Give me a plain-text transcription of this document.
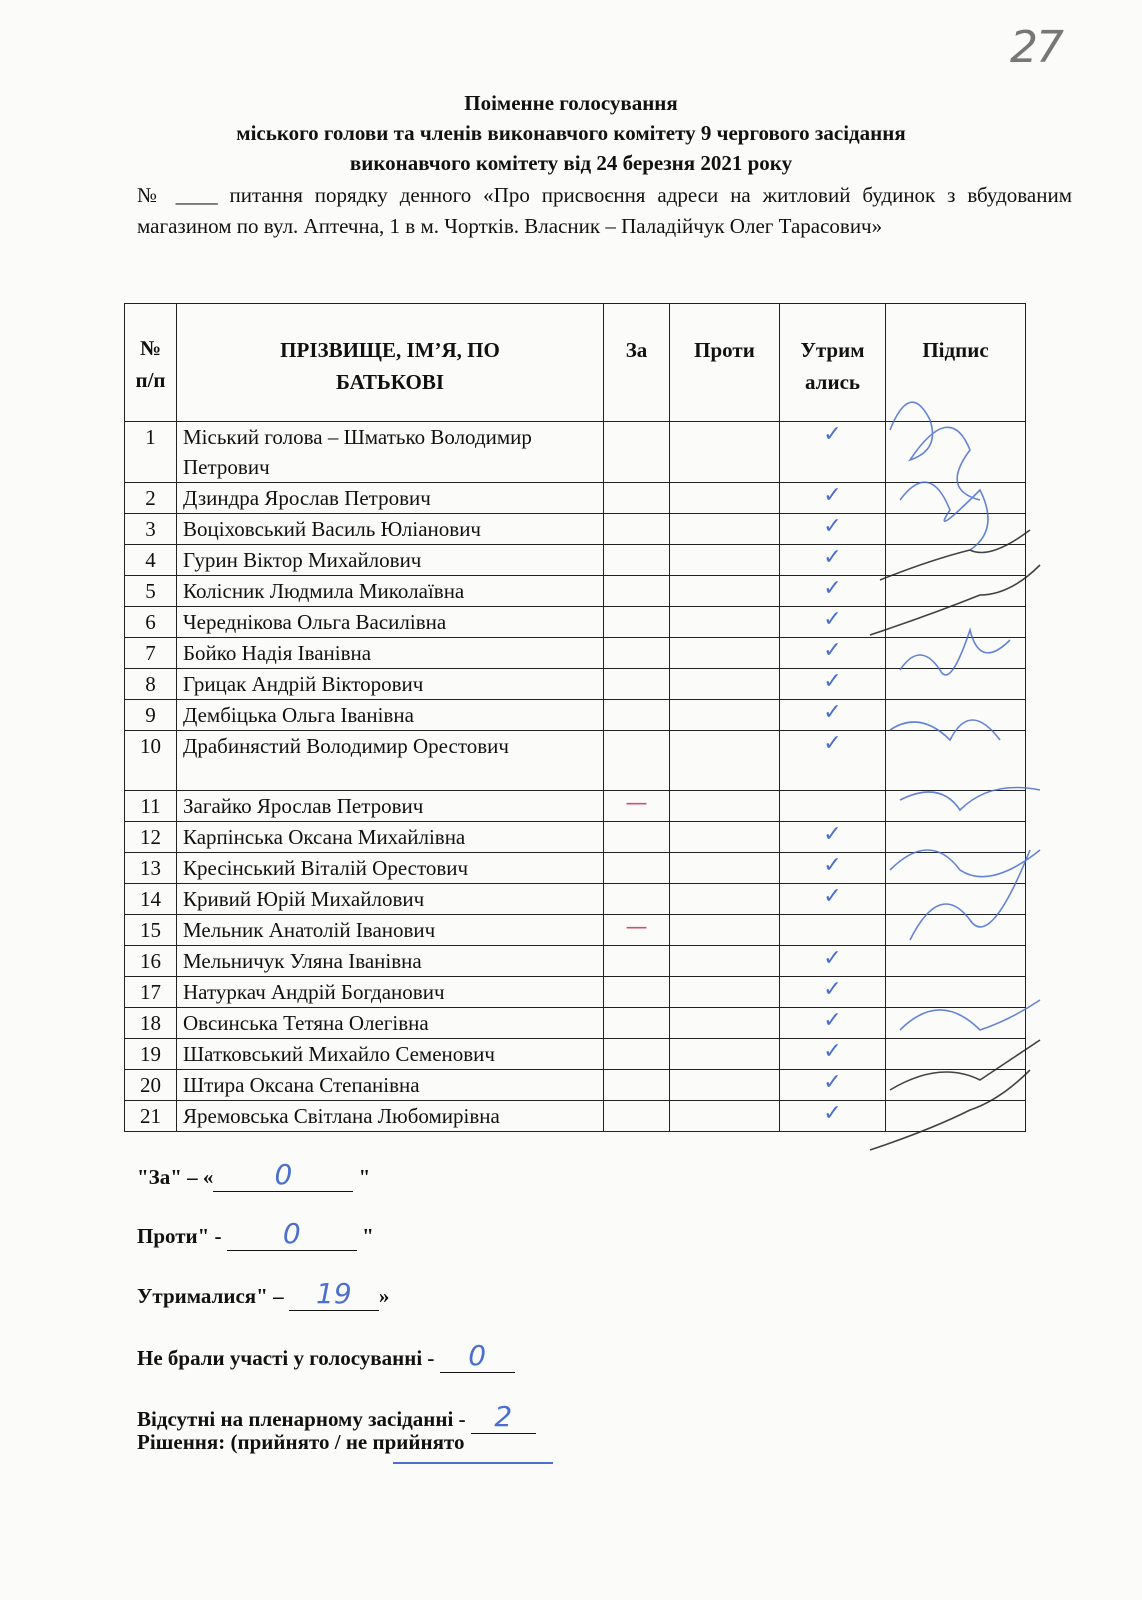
27
Поіменне голосування
міського голови та членів виконавчого комітету 9 чергового засідання
виконавчого комітету від 24 березня 2021 року
№ ____ питання порядку денного «Про присвоєння адреси на житловий будинок з вбудованим магазином по вул. Аптечна, 1 в м. Чортків. Власник – Паладійчук Олег Тарасович»
№ п/п	ПРІЗВИЩЕ, ІМ’Я, ПО БАТЬКОВІ	За	Проти	Утрим ались	Підпис
1	Міський голова – Шматько Володимир Петрович			✓	
2	Дзиндра Ярослав Петрович			✓	
3	Воціховський Василь Юліанович			✓	
4	Гурин Віктор Михайлович			✓	
5	Колісник Людмила Миколаївна			✓	
6	Череднікова Ольга Василівна			✓	
7	Бойко Надія Іванівна			✓	
8	Грицак Андрій Вікторович			✓	
9	Дембіцька Ольга Іванівна			✓	
10	Драбинястий Володимир Орестович			✓	
11	Загайко Ярослав Петрович	—			
12	Карпінська Оксана Михайлівна			✓	
13	Кресінський Віталій Орестович			✓	
14	Кривий Юрій Михайлович			✓	
15	Мельник Анатолій Іванович	—			
16	Мельничук Уляна Іванівна			✓	
17	Натуркач Андрій Богданович			✓	
18	Овсинська Тетяна Олегівна			✓	
19	Шатковський Михайло Семенович			✓	
20	Штира Оксана Степанівна			✓	
21	Яремовська Світлана Любомирівна			✓	
"За" – « 0	"
Проти" - 0	"
Утрималися" – 19 »
Не брали участі у голосуванні - 0
Відсутні на пленарному засіданні - 2
Рішення: (прийнято / не прийнято
